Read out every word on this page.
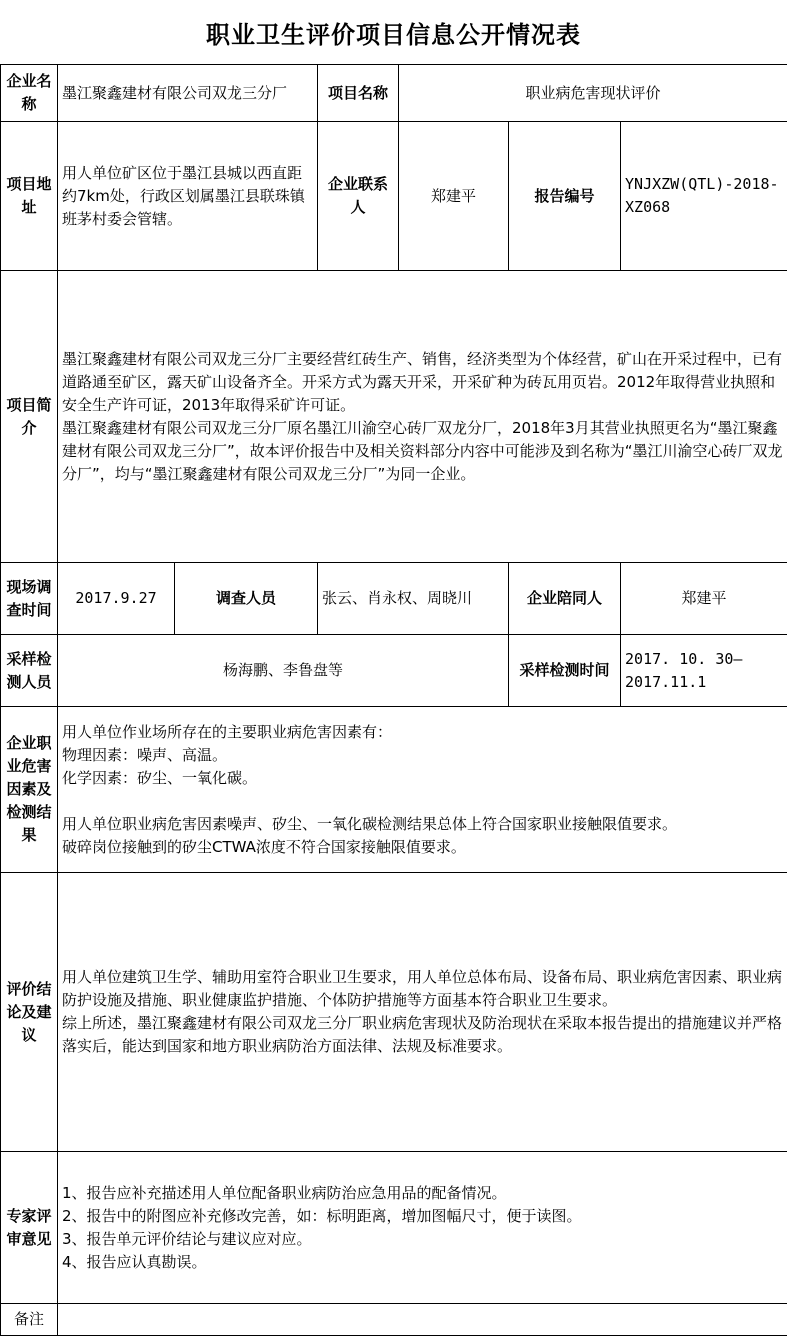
职业卫生评价项目信息公开情况表
企业名称	墨江聚鑫建材有限公司双龙三分厂		项目名称	职业病危害现状评价		
项目地址	用人单位矿区位于墨江县城以西直距约7km处，行政区划属墨江县联珠镇班茅村委会管辖。		企业联系人	郑建平	报告编号	YNJXZW(QTL)-2018-XZ068
项目简介	墨江聚鑫建材有限公司双龙三分厂主要经营红砖生产、销售，经济类型为个体经营，矿山在开采过程中，已有道路通至矿区，露天矿山设备齐全。开采方式为露天开采，开采矿种为砖瓦用页岩。2012年取得营业执照和安全生产许可证，2013年取得采矿许可证。
墨江聚鑫建材有限公司双龙三分厂原名墨江川渝空心砖厂双龙分厂，2018年3月其营业执照更名为“墨江聚鑫建材有限公司双龙三分厂”，故本评价报告中及相关资料部分内容中可能涉及到名称为“墨江川渝空心砖厂双龙分厂”，均与“墨江聚鑫建材有限公司双龙三分厂”为同一企业。					
现场调查时间	2017.9.27	调查人员	张云、肖永权、周晓川		企业陪同人	郑建平
采样检测人员	杨海鹏、李鲁盘等				采样检测时间	2017. 10. 30—2017.11.1
企业职业危害因素及检测结果	用人单位作业场所存在的主要职业病危害因素有：
物理因素：噪声、高温。
化学因素：矽尘、一氧化碳。

用人单位职业病危害因素噪声、矽尘、一氧化碳检测结果总体上符合国家职业接触限值要求。
破碎岗位接触到的矽尘CTWA浓度不符合国家接触限值要求。					
评价结论及建议	用人单位建筑卫生学、辅助用室符合职业卫生要求，用人单位总体布局、设备布局、职业病危害因素、职业病防护设施及措施、职业健康监护措施、个体防护措施等方面基本符合职业卫生要求。
综上所述，墨江聚鑫建材有限公司双龙三分厂职业病危害现状及防治现状在采取本报告提出的措施建议并严格落实后，能达到国家和地方职业病防治方面法律、法规及标准要求。					
专家评审意见	1、报告应补充描述用人单位配备职业病防治应急用品的配备情况。
2、报告中的附图应补充修改完善，如：标明距离，增加图幅尺寸，便于读图。
3、报告单元评价结论与建议应对应。
4、报告应认真勘误。					
备注						
